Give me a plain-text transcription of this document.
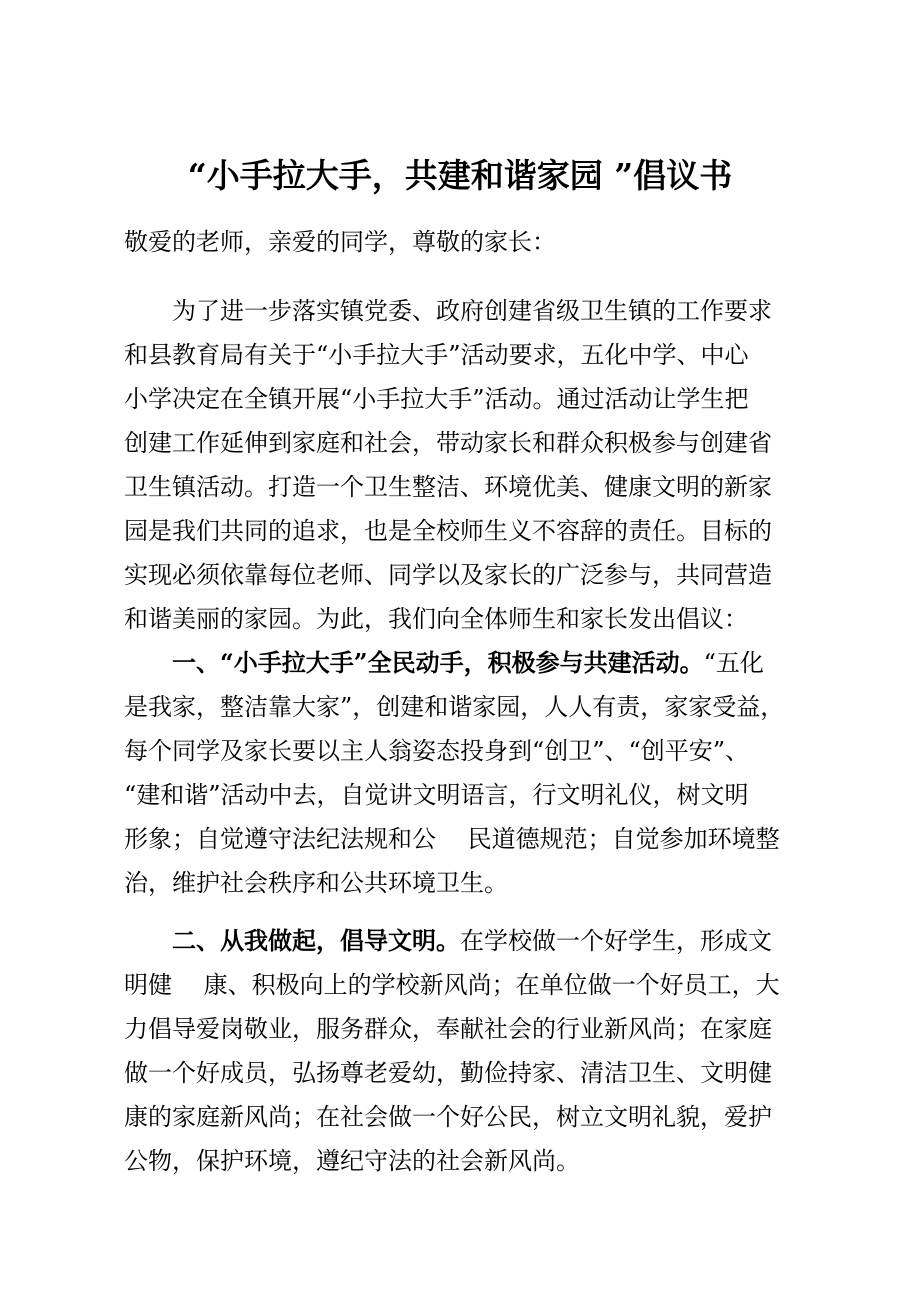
“小手拉大手，共建和谐家园 ”倡议书
敬爱的老师，亲爱的同学，尊敬的家长：
为了进一步落实镇党委、政府创建省级卫生镇的工作要求
和县教育局有关于“小手拉大手”活动要求，五化中学、中心
小学决定在全镇开展“小手拉大手”活动。通过活动让学生把
创建工作延伸到家庭和社会，带动家长和群众积极参与创建省
卫生镇活动。打造一个卫生整洁、环境优美、健康文明的新家
园是我们共同的追求，也是全校师生义不容辞的责任。目标的
实现必须依靠每位老师、同学以及家长的广泛参与，共同营造
和谐美丽的家园。为此，我们向全体师生和家长发出倡议：
一、“小手拉大手”全民动手，积极参与共建活动。“五化
是我家，整洁靠大家”，创建和谐家园，人人有责，家家受益，
每个同学及家长要以主人翁姿态投身到“创卫”、“创平安”、
“建和谐”活动中去，自觉讲文明语言，行文明礼仪，树文明
形象；自觉遵守法纪法规和公　 民道德规范；自觉参加环境整
治，维护社会秩序和公共环境卫生。
二、从我做起，倡导文明。在学校做一个好学生，形成文
明健　 康、积极向上的学校新风尚；在单位做一个好员工，大
力倡导爱岗敬业，服务群众，奉献社会的行业新风尚；在家庭
做一个好成员，弘扬尊老爱幼，勤俭持家、清洁卫生、文明健
康的家庭新风尚；在社会做一个好公民，树立文明礼貌，爱护
公物，保护环境，遵纪守法的社会新风尚。
